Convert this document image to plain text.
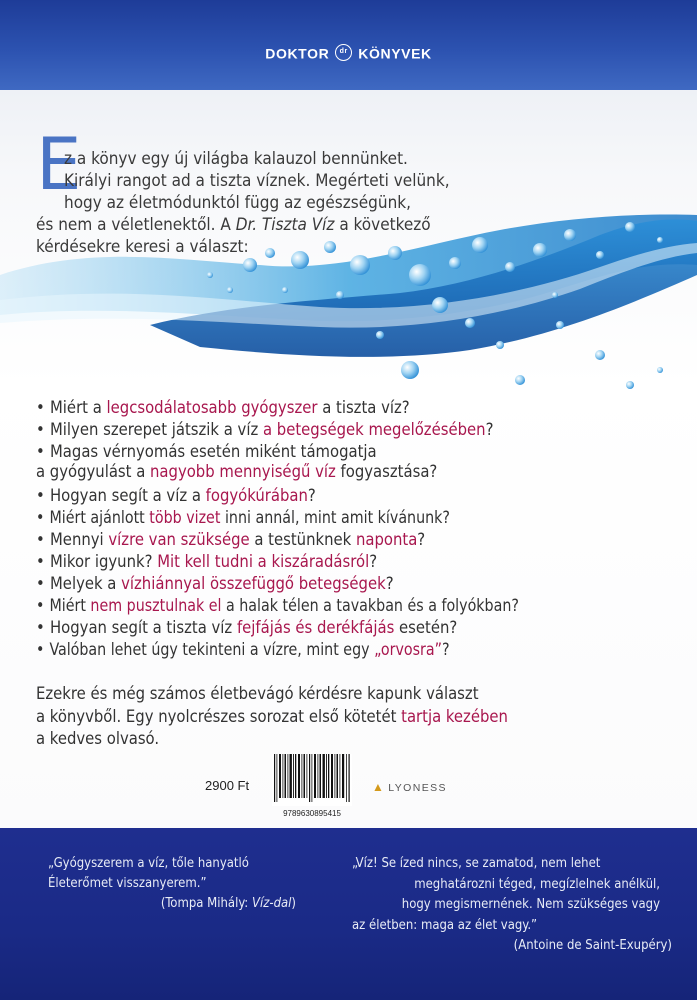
DOKTOR dr KÖNYVEK
E
z a könyv egy új világba kalauzol bennünket.
Királyi rangot ad a tiszta víznek. Megérteti velünk,
hogy az életmódunktól függ az egészségünk,
és nem a véletlenektől. A Dr. Tiszta Víz a következő
kérdésekre keresi a választ:
• Miért a legcsodálatosabb gyógyszer a tiszta víz?
• Milyen szerepet játszik a víz a betegségek megelőzésében?
• Magas vérnyomás esetén miként támogatja
a gyógyulást a nagyobb mennyiségű víz fogyasztása?
• Hogyan segít a víz a fogyókúrában?
• Miért ajánlott több vizet inni annál, mint amit kívánunk?
• Mennyi vízre van szüksége a testünknek naponta?
• Mikor igyunk? Mit kell tudni a kiszáradásról?
• Melyek a vízhiánnyal összefüggő betegségek?
• Miért nem pusztulnak el a halak télen a tavakban és a folyókban?
• Hogyan segít a tiszta víz fejfájás és derékfájás esetén?
• Valóban lehet úgy tekinteni a vízre, mint egy „orvosra”?
Ezekre és még számos életbevágó kérdésre kapunk választ
a könyvből. Egy nyolcrészes sorozat első kötetét tartja kezében
a kedves olvasó.
2900 Ft
9789630895415
▲ LYONESS
„Gyógyszerem a víz, tőle hanyatló
Életerőmet visszanyerem.”
(Tompa Mihály: Víz-dal)
„Víz! Se ízed nincs, se zamatod, nem lehet
meghatározni téged, megízlelnek anélkül,
hogy megismernének. Nem szükséges vagy
az életben: maga az élet vagy.”
(Antoine de Saint-Exupéry)
